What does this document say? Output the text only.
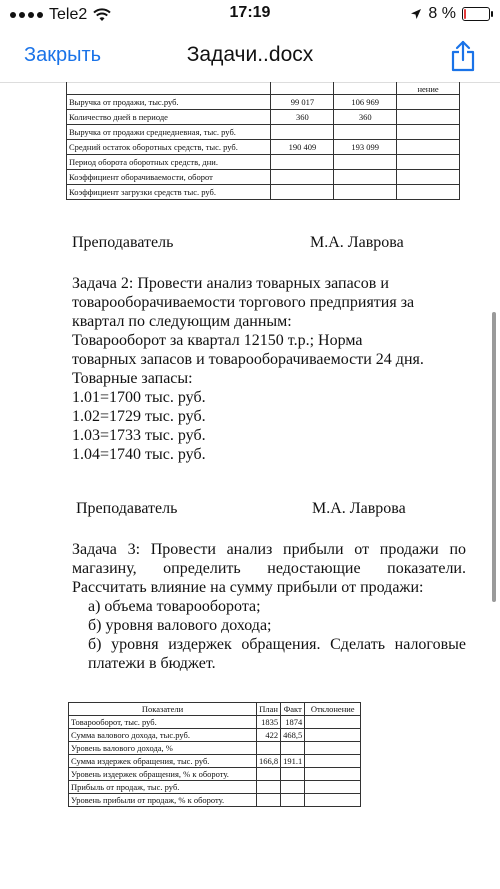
Tele2	17:19	8 %
Закрыть	Задачи..docx
			нение
Выручка от продажи, тыс.руб.	99 017	106 969	
Количество дней в периоде	360	360	
Выручка от продажи среднедневная, тыс. руб.			
Средний остаток оборотных средств, тыс. руб.	190 409	193 099	
Период оборота оборотных средств, дни.			
Коэффициент оборачиваемости, оборот			
Коэффициент загрузки средств тыс. руб.			
Преподаватель	М.А. Лаврова
Задача 2: Провести анализ товарных запасов и
товарооборачиваемости торгового предприятия за
квартал по следующим данным:
Товарооборот за квартал 12150 т.р.; Норма
товарных запасов и товарооборачиваемости 24 дня.
Товарные запасы:
1.01=1700 тыс. руб.
1.02=1729 тыс. руб.
1.03=1733 тыс. руб.
1.04=1740 тыс. руб.
Преподаватель	М.А. Лаврова
Задача 3: Провести анализ прибыли от продажи по магазину, определить недостающие показатели. Рассчитать влияние на сумму прибыли от продажи:
а) объема товарооборота;
б) уровня валового дохода;
б) уровня издержек обращения. Сделать налоговые платежи в бюджет.
Показатели	План	Факт	Отклонение
Товарооборот, тыс. руб.	1835	1874	
Сумма валового дохода, тыс.руб.	422	468,5	
Уровень валового дохода, %			
Сумма издержек обращения, тыс. руб.	166,8	191.1	
Уровень издержек обращения, % к обороту.			
Прибыль от продаж, тыс. руб.			
Уровень прибыли от продаж, % к обороту.			
